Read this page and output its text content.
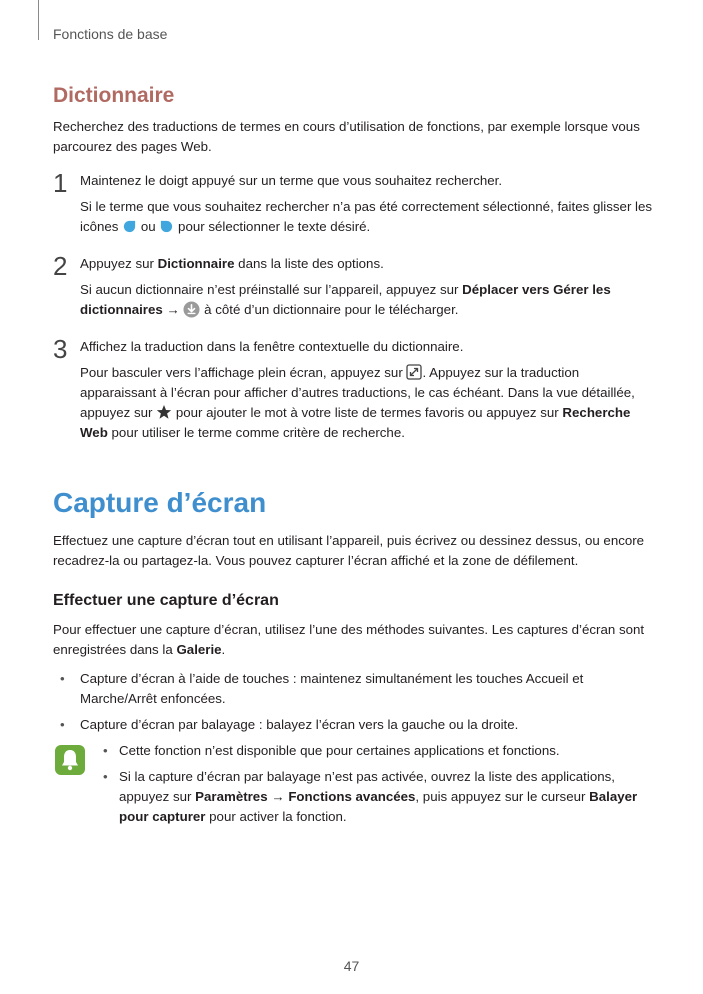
Fonctions de base
Dictionnaire

Recherchez des traductions de termes en cours d’utilisation de fonctions, par exemple lorsque vous parcourez des pages Web.

1 Maintenez le doigt appuyé sur un terme que vous souhaitez rechercher.

Si le terme que vous souhaitez rechercher n’a pas été correctement sélectionné, faites glisser les icônes ou pour sélectionner le texte désiré.

2 Appuyez sur Dictionnaire dans la liste des options.

Si aucun dictionnaire n’est préinstallé sur l’appareil, appuyez sur Déplacer vers Gérer les dictionnaires → à côté d’un dictionnaire pour le télécharger.

3 Affichez la traduction dans la fenêtre contextuelle du dictionnaire.

Pour basculer vers l’affichage plein écran, appuyez sur . Appuyez sur la traduction apparaissant à l’écran pour afficher d’autres traductions, le cas échéant. Dans la vue détaillée, appuyez sur pour ajouter le mot à votre liste de termes favoris ou appuyez sur Recherche Web pour utiliser le terme comme critère de recherche.

Capture d’écran

Effectuez une capture d’écran tout en utilisant l’appareil, puis écrivez ou dessinez dessus, ou encore recadrez-la ou partagez-la. Vous pouvez capturer l’écran affiché et la zone de défilement.

Effectuer une capture d’écran

Pour effectuer une capture d’écran, utilisez l’une des méthodes suivantes. Les captures d’écran sont enregistrées dans la Galerie.

• Capture d’écran à l’aide de touches : maintenez simultanément les touches Accueil et Marche/Arrêt enfoncées.
• Capture d’écran par balayage : balayez l’écran vers la gauche ou la droite.
• Cette fonction n’est disponible que pour certaines applications et fonctions.
• Si la capture d’écran par balayage n’est pas activée, ouvrez la liste des applications, appuyez sur Paramètres → Fonctions avancées, puis appuyez sur le curseur Balayer pour capturer pour activer la fonction.
47
